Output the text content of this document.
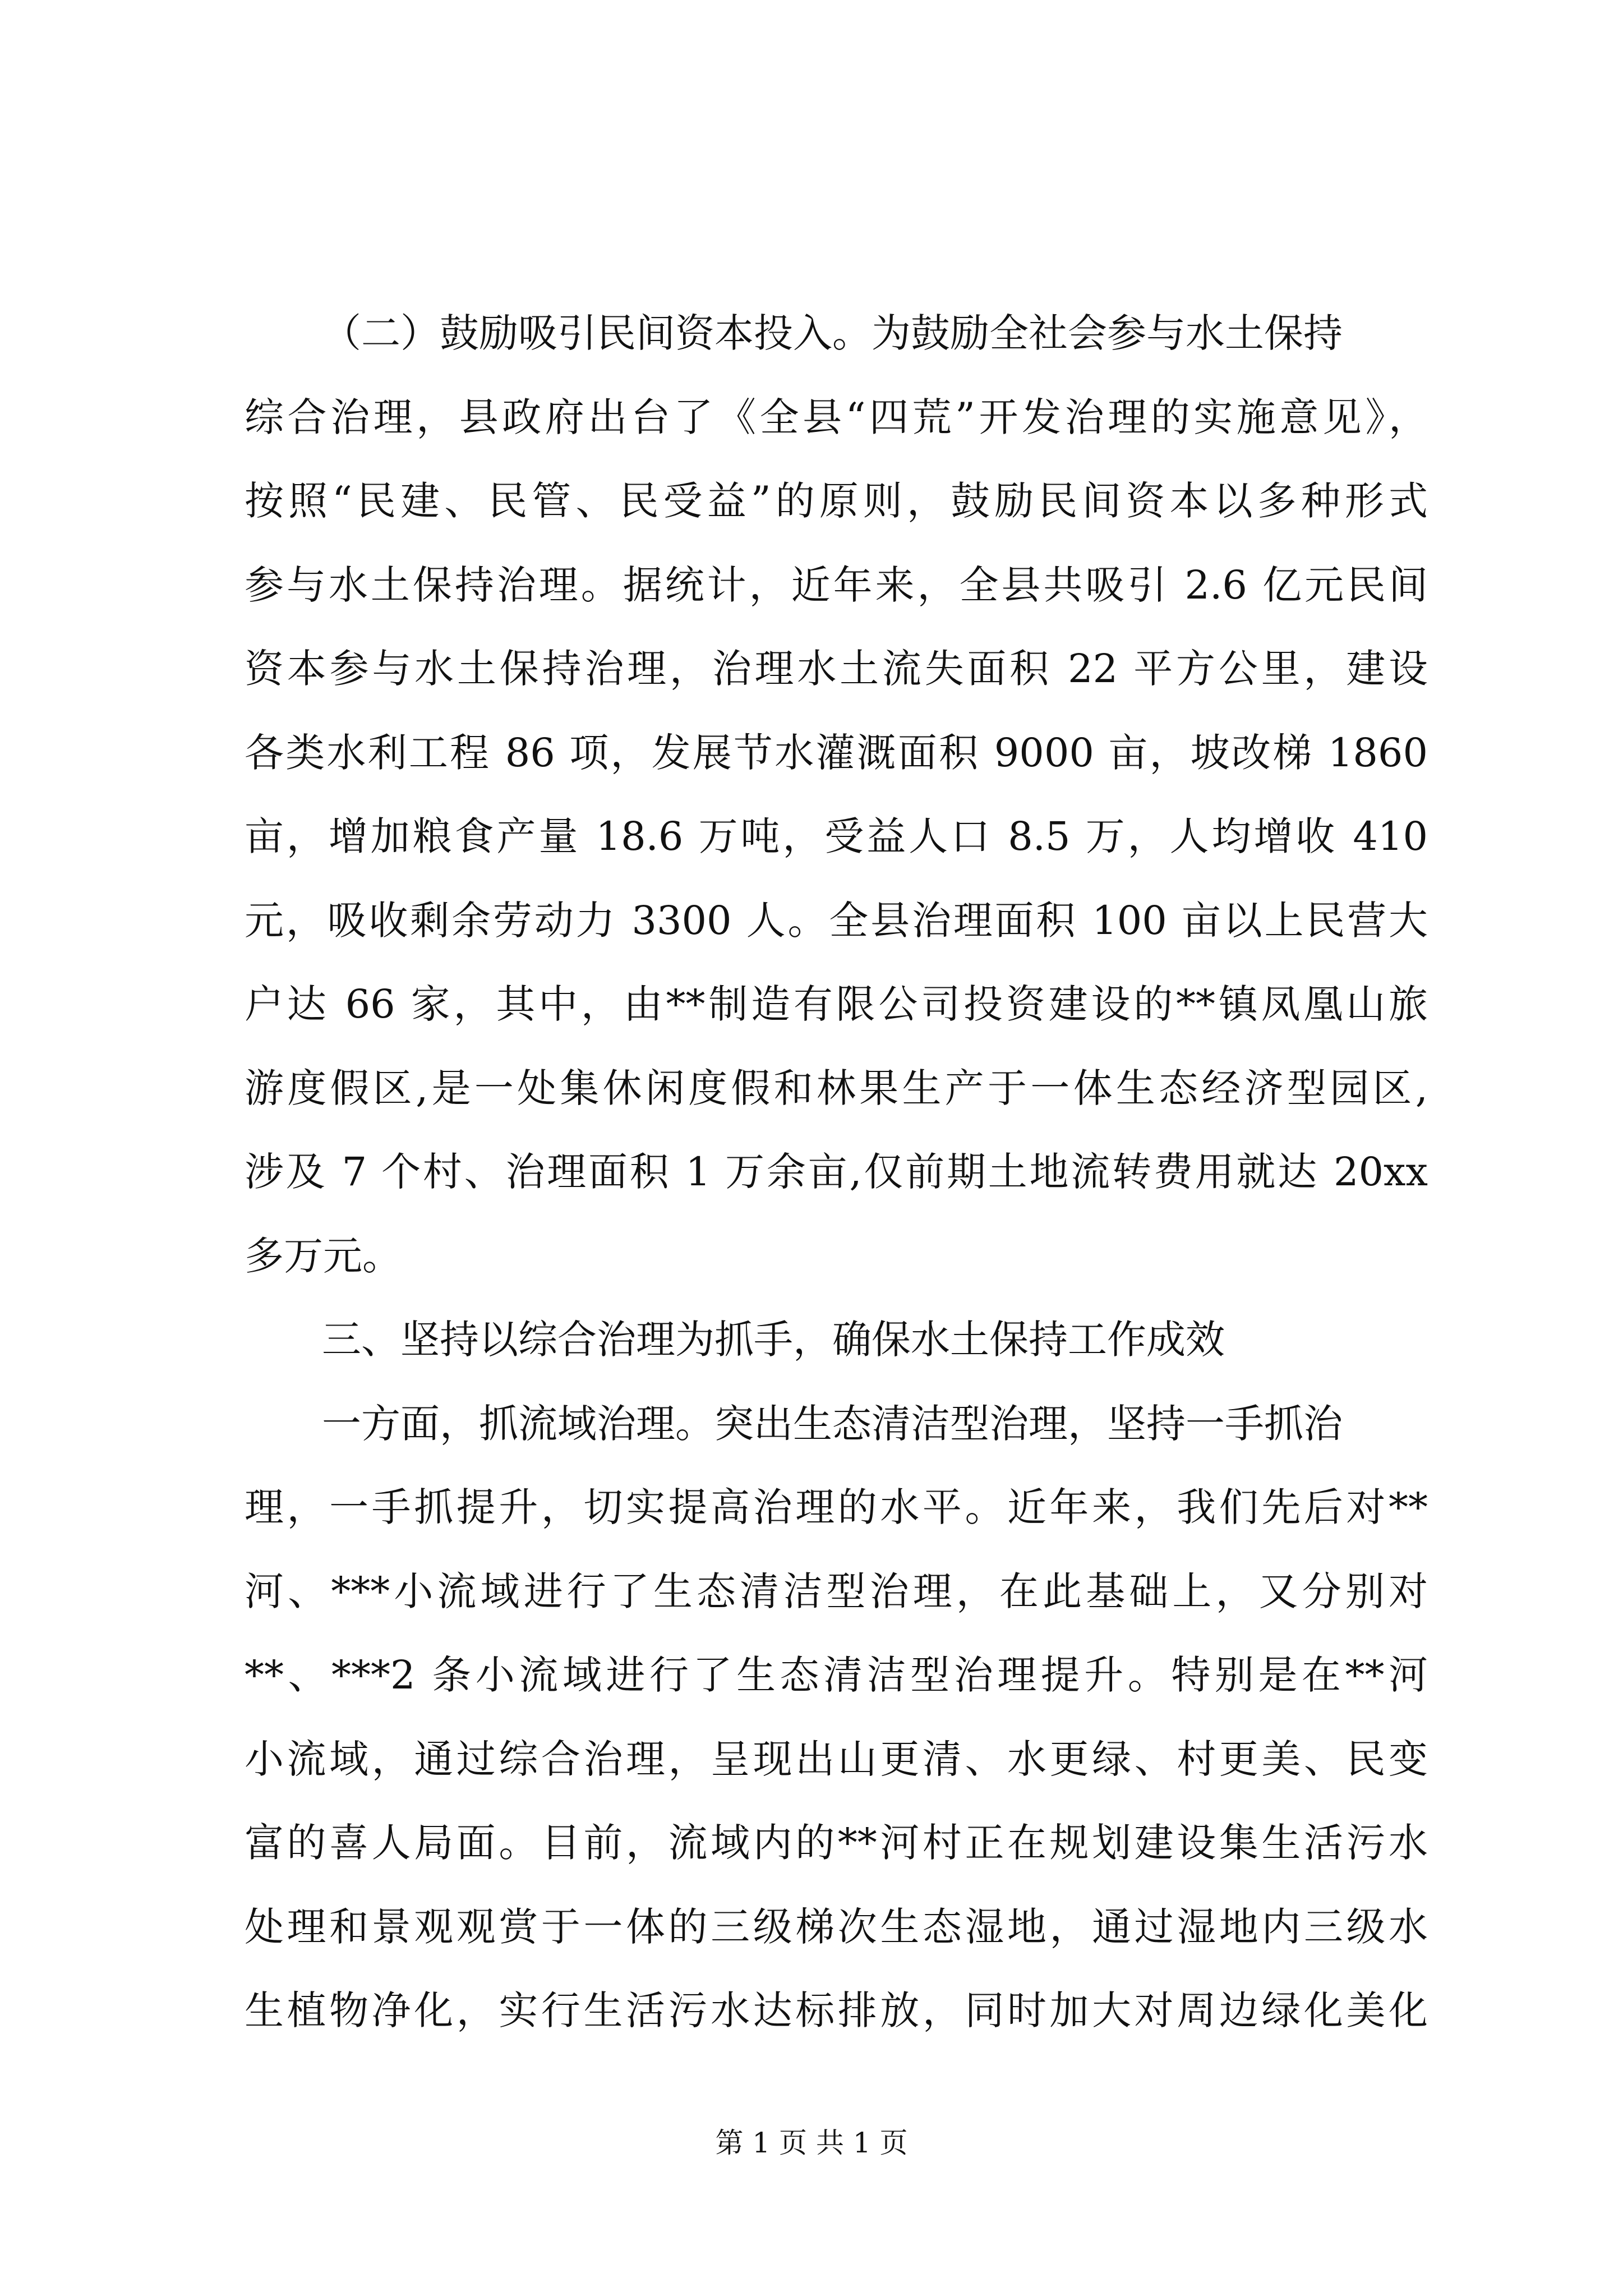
（二）鼓励吸引民间资本投入。为鼓励全社会参与水土保持
综合治理，县政府出台了《全县“四荒”开发治理的实施意见》，
按照“民建、民管、民受益”的原则，鼓励民间资本以多种形式
参与水土保持治理。据统计，近年来，全县共吸引 2.6 亿元民间
资本参与水土保持治理，治理水土流失面积 22 平方公里，建设
各类水利工程 86 项，发展节水灌溉面积 9000 亩，坡改梯 1860
亩，增加粮食产量 18.6 万吨，受益人口 8.5 万，人均增收 410
元，吸收剩余劳动力 3300 人。全县治理面积 100 亩以上民营大
户达 66 家，其中，由**制造有限公司投资建设的**镇凤凰山旅
游度假区,是一处集休闲度假和林果生产于一体生态经济型园区,
涉及 7 个村、治理面积 1 万余亩,仅前期土地流转费用就达 20xx
多万元。
三、坚持以综合治理为抓手，确保水土保持工作成效
一方面，抓流域治理。突出生态清洁型治理，坚持一手抓治
理，一手抓提升，切实提高治理的水平。近年来，我们先后对**
河、***小流域进行了生态清洁型治理，在此基础上，又分别对
**、***2 条小流域进行了生态清洁型治理提升。特别是在**河
小流域，通过综合治理，呈现出山更清、水更绿、村更美、民变
富的喜人局面。目前，流域内的**河村正在规划建设集生活污水
处理和景观观赏于一体的三级梯次生态湿地，通过湿地内三级水
生植物净化，实行生活污水达标排放，同时加大对周边绿化美化
第 1 页 共 1 页
